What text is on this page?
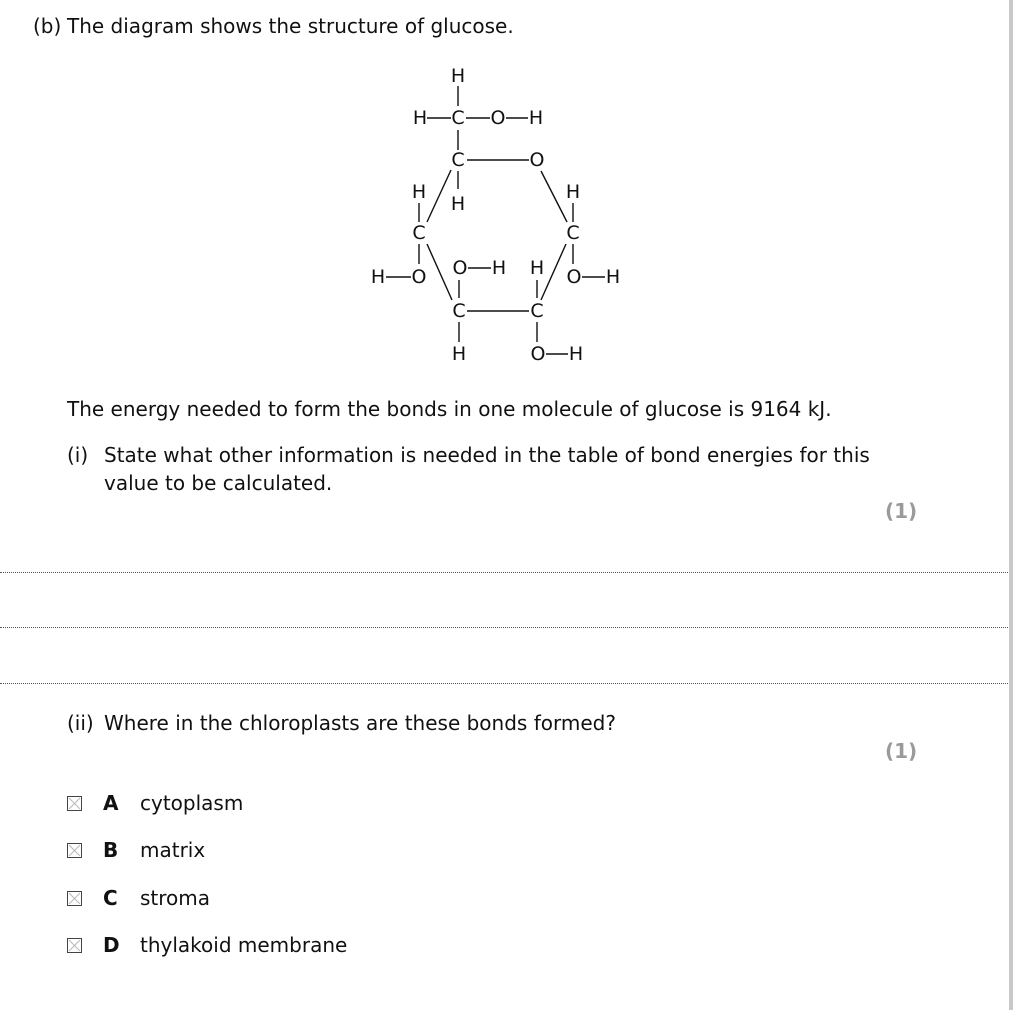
(b) The diagram shows the structure of glucose.
H
H C O H
C	O
H
H
C
H
C
H O O H H O H
C	C
H	O H
The energy needed to form the bonds in one molecule of glucose is 9164 kJ.
(i) State what other information is needed in the table of bond energies for this
value to be calculated.
(1)
(ii) Where in the chloroplasts are these bonds formed?
(1)
A cytoplasm
B matrix
C stroma
D thylakoid membrane
